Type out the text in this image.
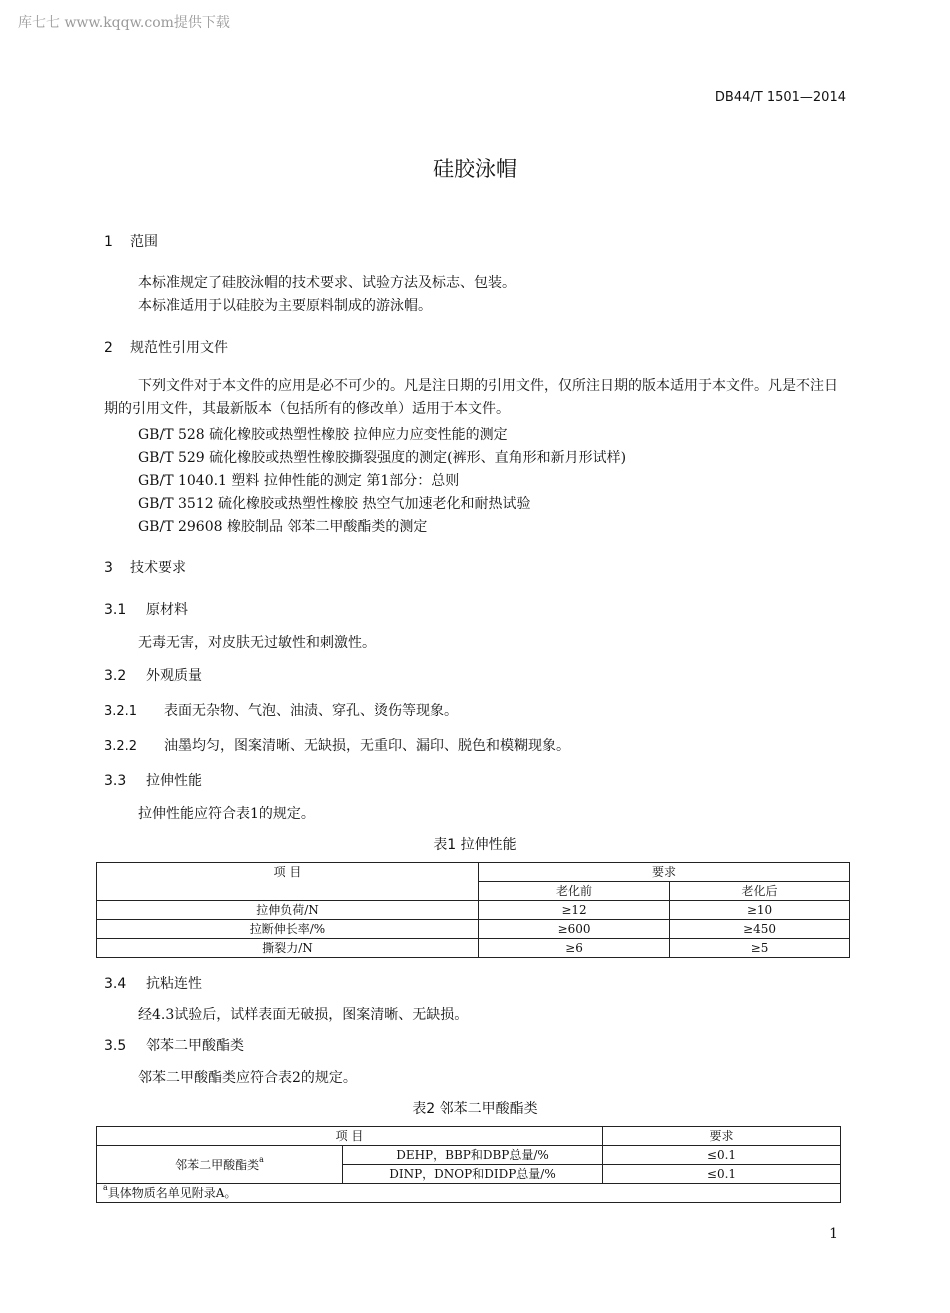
库七七 www.kqqw.com提供下载
DB44/T 1501—2014
硅胶泳帽
1 范围
本标准规定了硅胶泳帽的技术要求、试验方法及标志、包装。
本标准适用于以硅胶为主要原料制成的游泳帽。
2 规范性引用文件
下列文件对于本文件的应用是必不可少的。凡是注日期的引用文件，仅所注日期的版本适用于本文件。凡是不注日期的引用文件，其最新版本（包括所有的修改单）适用于本文件。
GB/T 528 硫化橡胶或热塑性橡胶 拉伸应力应变性能的测定
GB/T 529 硫化橡胶或热塑性橡胶撕裂强度的测定(裤形、直角形和新月形试样)
GB/T 1040.1 塑料 拉伸性能的测定 第1部分：总则
GB/T 3512 硫化橡胶或热塑性橡胶 热空气加速老化和耐热试验
GB/T 29608 橡胶制品 邻苯二甲酸酯类的测定
3 技术要求
3.1 原材料
无毒无害，对皮肤无过敏性和刺激性。
3.2 外观质量
3.2.1 表面无杂物、气泡、油渍、穿孔、烫伤等现象。
3.2.2 油墨均匀，图案清晰、无缺损，无重印、漏印、脱色和模糊现象。
3.3 拉伸性能
拉伸性能应符合表1的规定。
表1 拉伸性能
项 目	要求	
	老化前	老化后
拉伸负荷/N	≥12	≥10
拉断伸长率/%	≥600	≥450
撕裂力/N	≥6	≥5
3.4 抗粘连性
经4.3试验后，试样表面无破损，图案清晰、无缺损。
3.5 邻苯二甲酸酯类
邻苯二甲酸酯类应符合表2的规定。
表2 邻苯二甲酸酯类
项 目		要求
邻苯二甲酸酯类$^a$	DEHP，BBP和DBP总量/%	≤0.1
	DINP，DNOP和DIDP总量/%	≤0.1
$^a$具体物质名单见附录A。		
1
